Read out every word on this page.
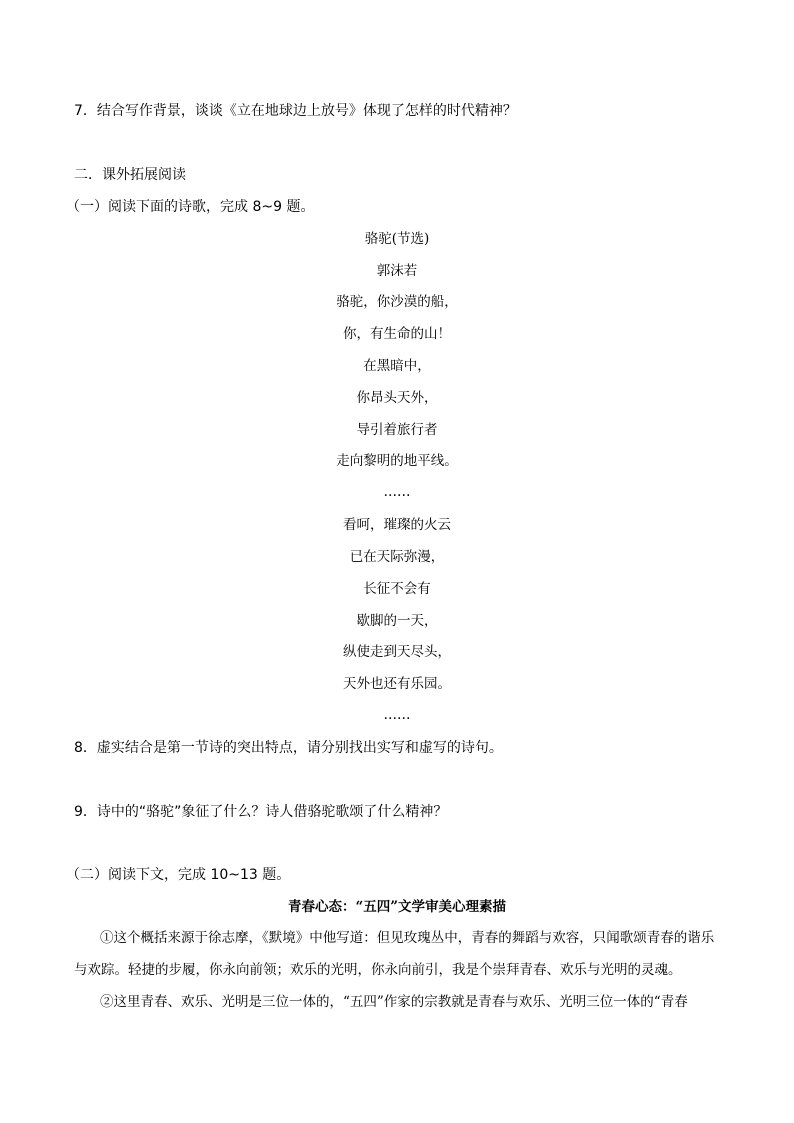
7．结合写作背景，谈谈《立在地球边上放号》体现了怎样的时代精神？
二．课外拓展阅读
（一）阅读下面的诗歌，完成 8~9 题。
骆驼(节选)
郭沫若
骆驼，你沙漠的船，
你，有生命的山！
在黑暗中，
你昂头天外，
导引着旅行者
走向黎明的地平线。
……
看呵，璀璨的火云
已在天际弥漫，
长征不会有
歇脚的一天，
纵使走到天尽头，
天外也还有乐园。
……
8．虚实结合是第一节诗的突出特点，请分别找出实写和虚写的诗句。
9．诗中的“骆驼”象征了什么？诗人借骆驼歌颂了什么精神？
（二）阅读下文，完成 10~13 题。
青春心态：“五四”文学审美心理素描
①这个概括来源于徐志摩，《默境》中他写道：但见玫瑰丛中，青春的舞蹈与欢容，只闻歌颂青春的谐乐与欢踪。轻捷的步履，你永向前领；欢乐的光明，你永向前引，我是个崇拜青春、欢乐与光明的灵魂。
②这里青春、欢乐、光明是三位一体的，“五四”作家的宗教就是青春与欢乐、光明三位一体的“青春
